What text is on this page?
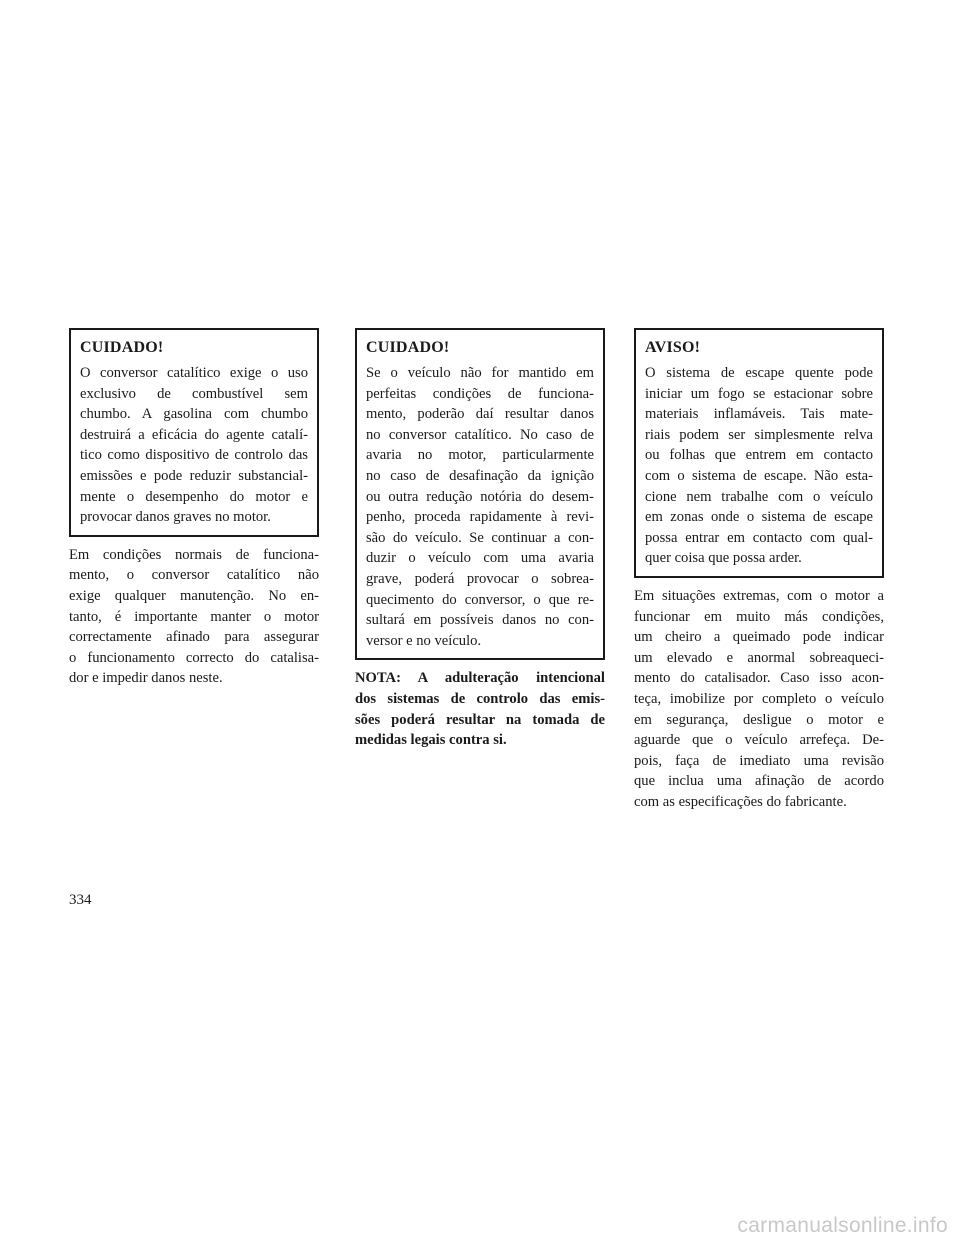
CUIDADO!
O conversor catalítico exige o uso
exclusivo de combustível sem
chumbo. A gasolina com chumbo
destruirá a eficácia do agente catalí-
tico como dispositivo de controlo das
emissões e pode reduzir substancial-
mente o desempenho do motor e
provocar danos graves no motor.
Em condições normais de funciona-
mento, o conversor catalítico não
exige qualquer manutenção. No en-
tanto, é importante manter o motor
correctamente afinado para assegurar
o funcionamento correcto do catalisa-
dor e impedir danos neste.
CUIDADO!
Se o veículo não for mantido em
perfeitas condições de funciona-
mento, poderão daí resultar danos
no conversor catalítico. No caso de
avaria no motor, particularmente
no caso de desafinação da ignição
ou outra redução notória do desem-
penho, proceda rapidamente à revi-
são do veículo. Se continuar a con-
duzir o veículo com uma avaria
grave, poderá provocar o sobrea-
quecimento do conversor, o que re-
sultará em possíveis danos no con-
versor e no veículo.
NOTA: A adulteração intencional
dos sistemas de controlo das emis-
sões poderá resultar na tomada de
medidas legais contra si.
AVISO!
O sistema de escape quente pode
iniciar um fogo se estacionar sobre
materiais inflamáveis. Tais mate-
riais podem ser simplesmente relva
ou folhas que entrem em contacto
com o sistema de escape. Não esta-
cione nem trabalhe com o veículo
em zonas onde o sistema de escape
possa entrar em contacto com qual-
quer coisa que possa arder.
Em situações extremas, com o motor a
funcionar em muito más condições,
um cheiro a queimado pode indicar
um elevado e anormal sobreaqueci-
mento do catalisador. Caso isso acon-
teça, imobilize por completo o veículo
em segurança, desligue o motor e
aguarde que o veículo arrefeça. De-
pois, faça de imediato uma revisão
que inclua uma afinação de acordo
com as especificações do fabricante.
334
carmanualsonline.info
